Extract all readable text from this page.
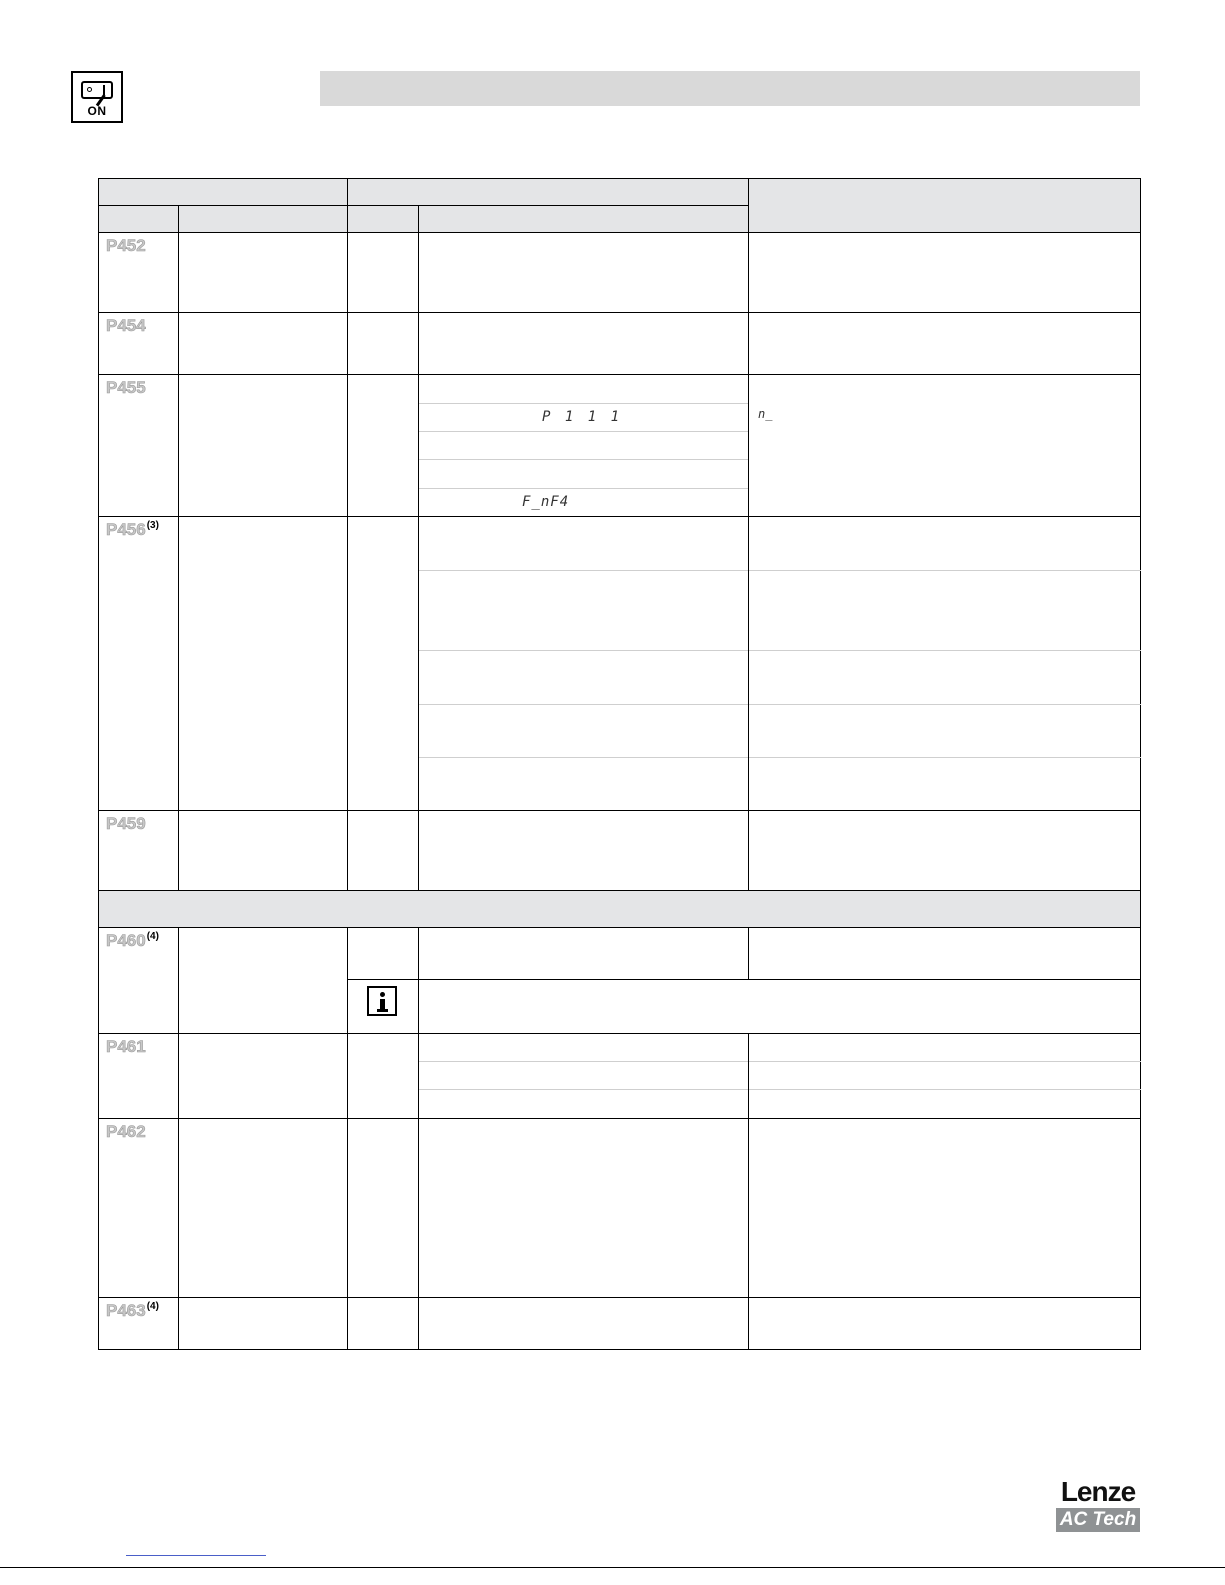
ON
P452
P454
P455
P456$^{(3)}$
P459
P460$^{(4)}$
P461
P462
P463$^{(4)}$
P 1 1 1
F_nF4
n_
Lenze
AC Tech
